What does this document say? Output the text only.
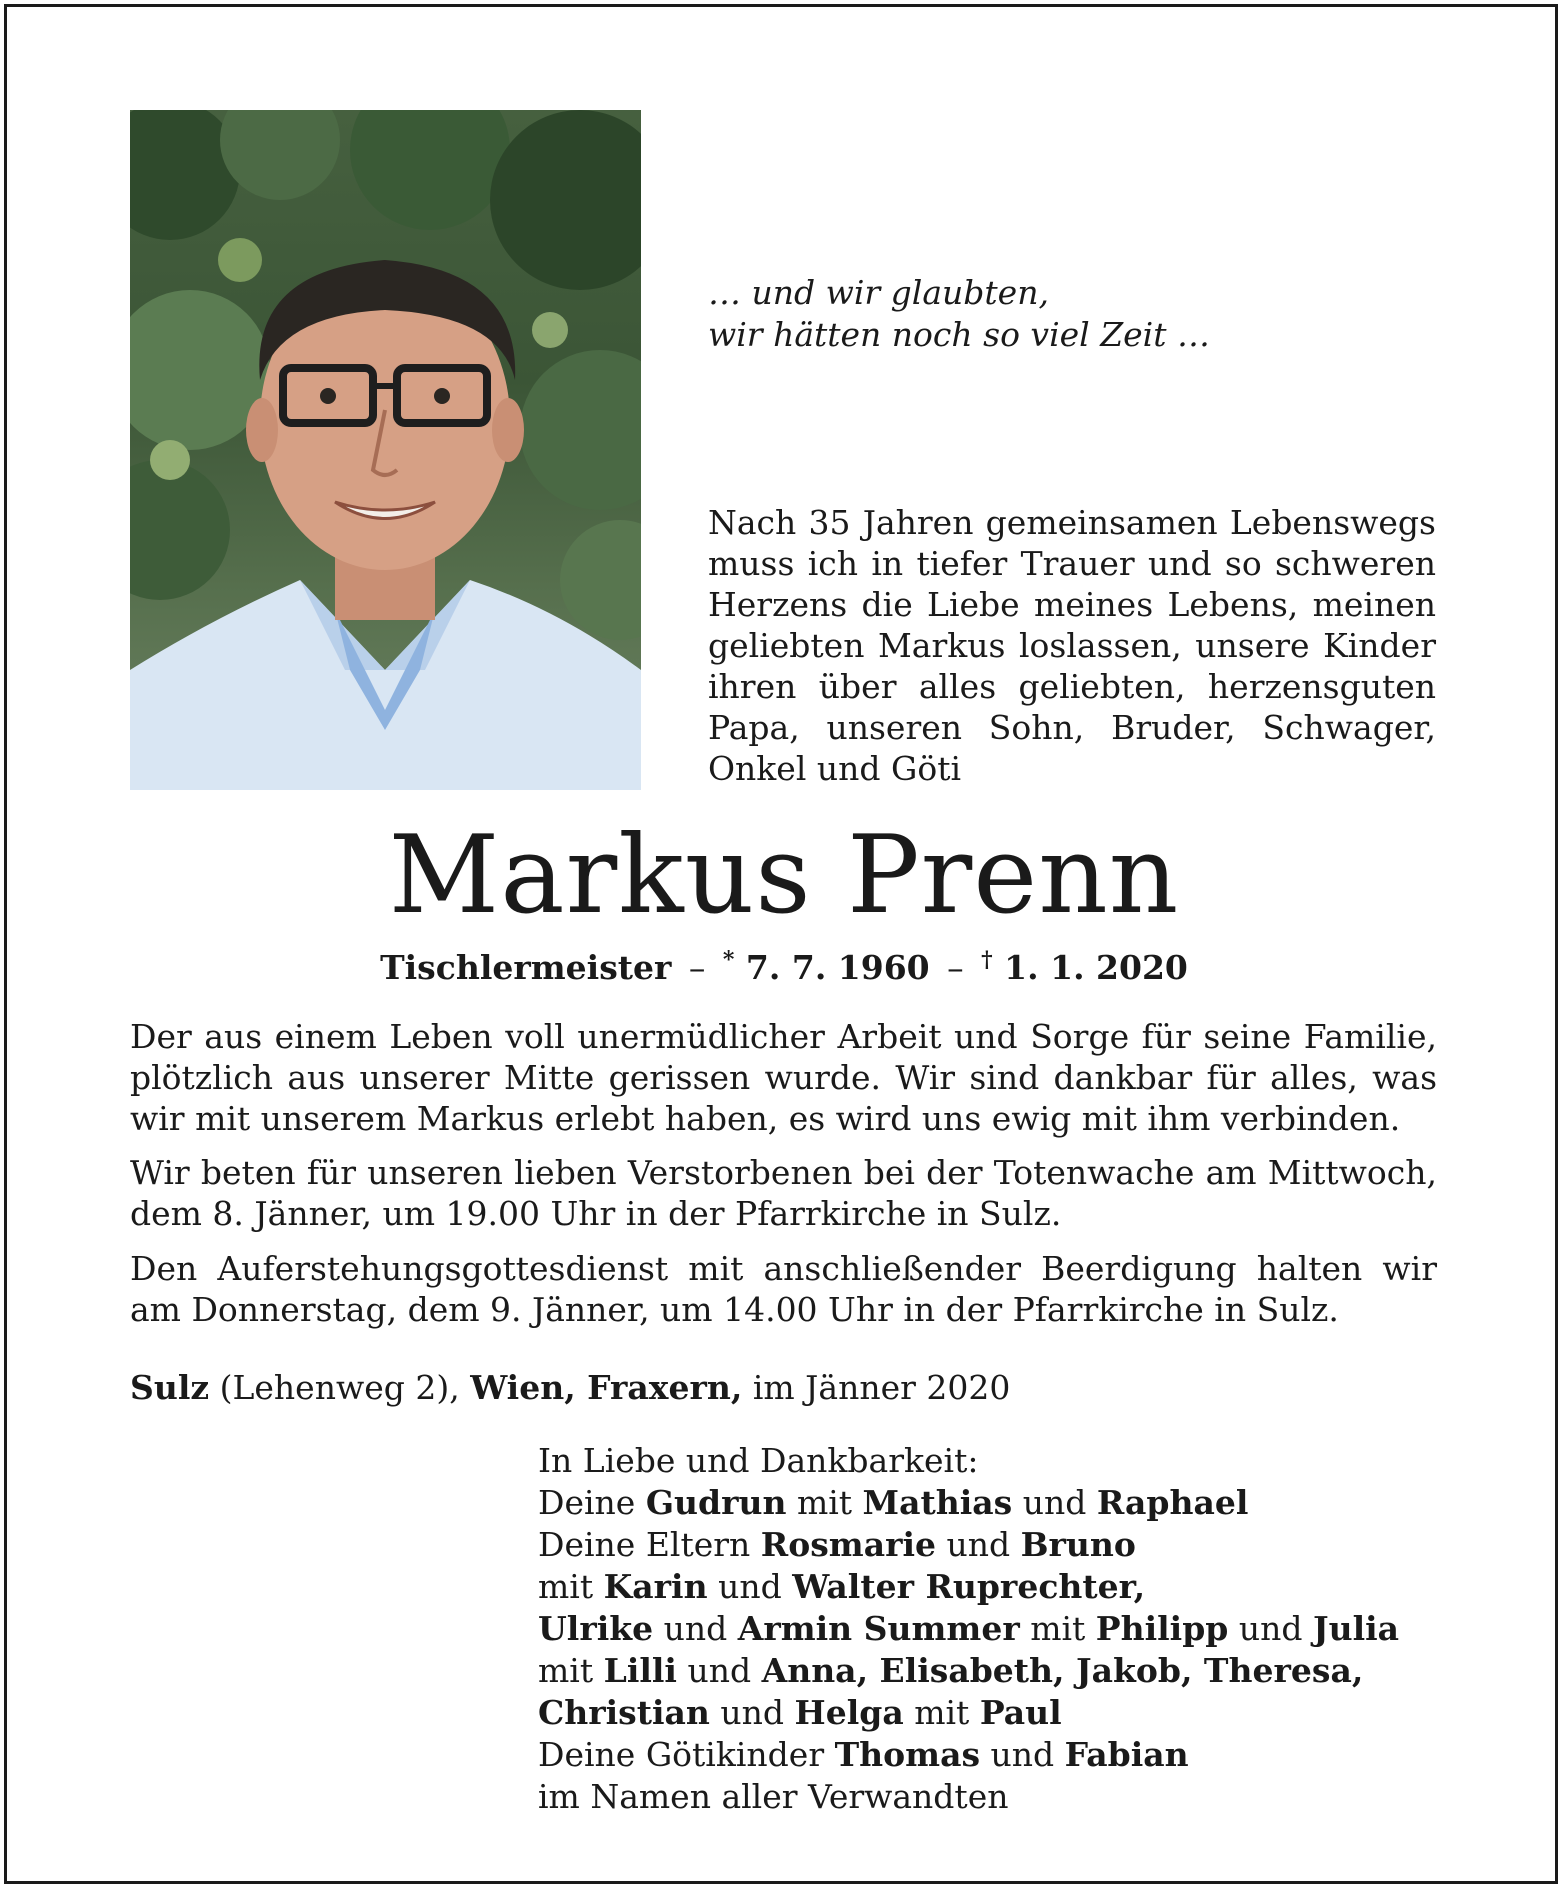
… und wir glaubten,
wir hätten noch so viel Zeit …
Nach 35 Jahren gemeinsamen Lebenswegs
muss ich in tiefer Trauer und so schweren
Herzens die Liebe meines Lebens, meinen
geliebten Markus loslassen, unsere Kinder
ihren über alles geliebten, herzensguten
Papa, unseren Sohn, Bruder, Schwager,
Onkel und Göti
Markus Prenn
Tischlermeister – * 7. 7. 1960 – † 1. 1. 2020
Der aus einem Leben voll unermüdlicher Arbeit und Sorge für seine Familie, plötzlich aus unserer Mitte gerissen wurde. Wir sind dankbar für alles, was wir mit unserem Markus erlebt haben, es wird uns ewig mit ihm verbinden.
Wir beten für unseren lieben Verstorbenen bei der Totenwache am Mittwoch, dem 8. Jänner, um 19.00 Uhr in der Pfarrkirche in Sulz.
Den Auferstehungsgottesdienst mit anschließender Beerdigung halten wir am Donnerstag, dem 9. Jänner, um 14.00 Uhr in der Pfarrkirche in Sulz.
Sulz (Lehenweg 2), Wien, Fraxern, im Jänner 2020
In Liebe und Dankbarkeit:
Deine Gudrun mit Mathias und Raphael
Deine Eltern Rosmarie und Bruno
mit Karin und Walter Ruprechter,
Ulrike und Armin Summer mit Philipp und Julia
mit Lilli und Anna, Elisabeth, Jakob, Theresa,
Christian und Helga mit Paul
Deine Götikinder Thomas und Fabian
im Namen aller Verwandten
